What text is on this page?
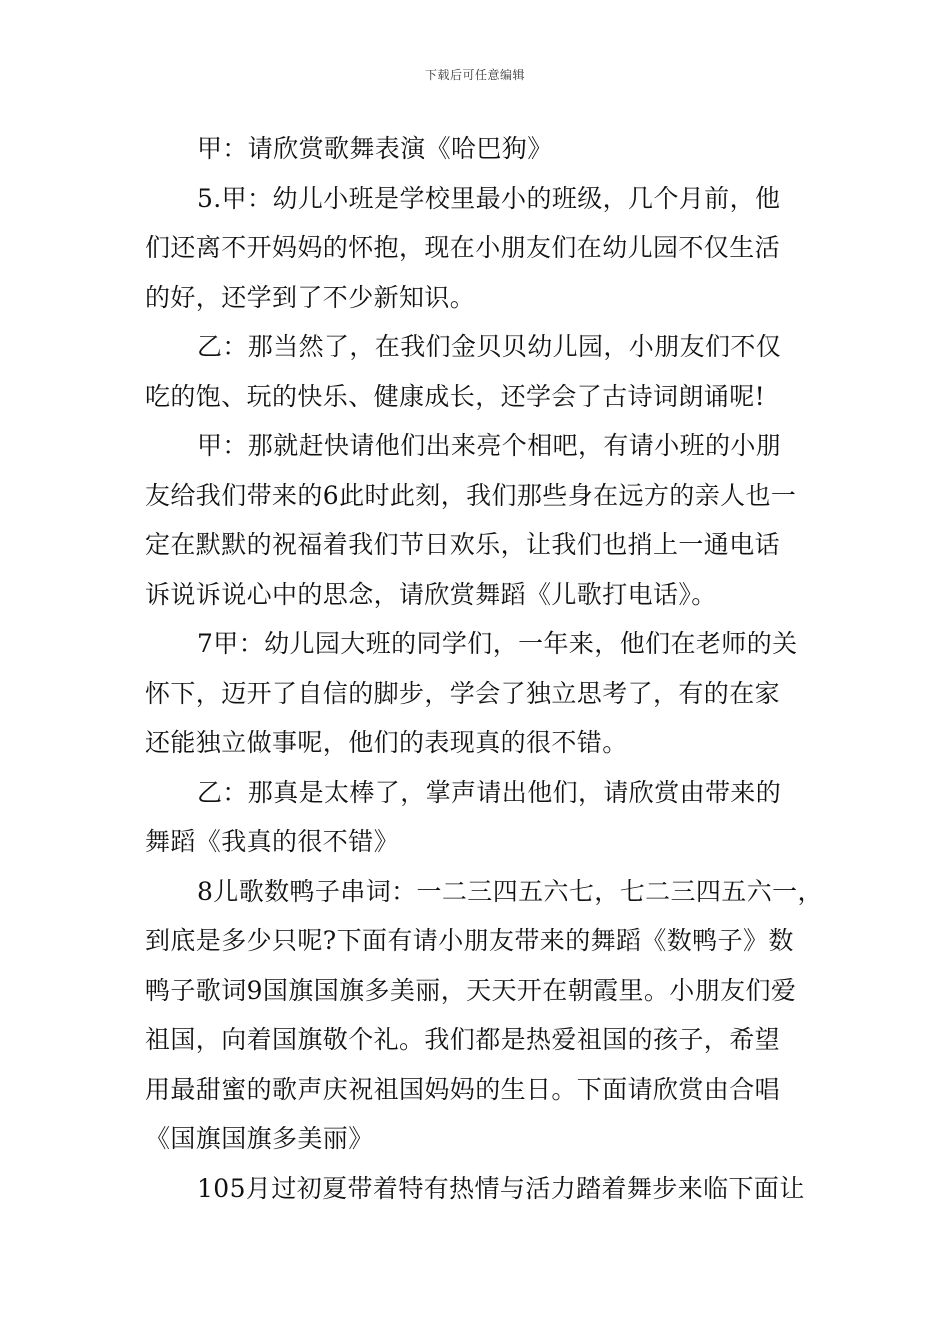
下载后可任意编辑
甲：请欣赏歌舞表演《哈巴狗》
5.甲：幼儿小班是学校里最小的班级，几个月前，他
们还离不开妈妈的怀抱，现在小朋友们在幼儿园不仅生活
的好，还学到了不少新知识。
乙：那当然了，在我们金贝贝幼儿园，小朋友们不仅
吃的饱、玩的快乐、健康成长，还学会了古诗词朗诵呢!
甲：那就赶快请他们出来亮个相吧，有请小班的小朋
友给我们带来的6此时此刻，我们那些身在远方的亲人也一
定在默默的祝福着我们节日欢乐，让我们也捎上一通电话
诉说诉说心中的思念，请欣赏舞蹈《儿歌打电话》。
7甲：幼儿园大班的同学们，一年来，他们在老师的关
怀下，迈开了自信的脚步，学会了独立思考了，有的在家
还能独立做事呢，他们的表现真的很不错。
乙：那真是太棒了，掌声请出他们，请欣赏由带来的
舞蹈《我真的很不错》
8儿歌数鸭子串词：一二三四五六七，七二三四五六一，
到底是多少只呢?下面有请小朋友带来的舞蹈《数鸭子》数
鸭子歌词9国旗国旗多美丽，天天开在朝霞里。小朋友们爱
祖国，向着国旗敬个礼。我们都是热爱祖国的孩子，希望
用最甜蜜的歌声庆祝祖国妈妈的生日。下面请欣赏由合唱
《国旗国旗多美丽》
105月过初夏带着特有热情与活力踏着舞步来临下面让
